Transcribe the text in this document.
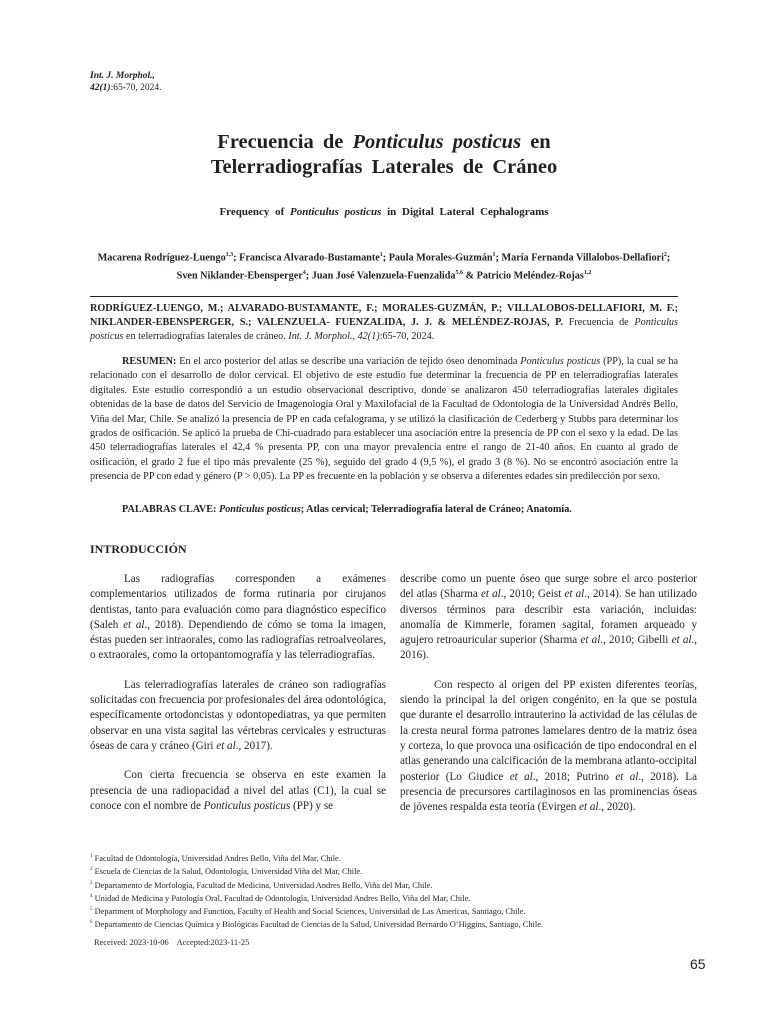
Int. J. Morphol.,
42(1):65-70, 2024.
Frecuencia de Ponticulus posticus en
Telerradiografías Laterales de Cráneo
Frequency of Ponticulus posticus in Digital Lateral Cephalograms
Macarena Rodríguez-Luengo$^{1,3}$; Francisca Alvarado-Bustamante$^1$; Paula Morales-Guzmán$^1$; María Fernanda Villalobos-Dellafiori$^2$; Sven Niklander-Ebensperger$^4$; Juan José Valenzuela-Fuenzalida$^{5,6}$ & Patricio Meléndez-Rojas$^{1,2}$
RODRÍGUEZ-LUENGO, M.; ALVARADO-BUSTAMANTE, F.; MORALES-GUZMÁN, P.; VILLALOBOS-DELLAFIORI, M. F.; NIKLANDER-EBENSPERGER, S.; VALENZUELA- FUENZALIDA, J. J. & MELÉNDEZ-ROJAS, P. Frecuencia de Ponticulus posticus en telerradiografías laterales de cráneo. Int. J. Morphol., 42(1):65-70, 2024.
RESUMEN: En el arco posterior del atlas se describe una variación de tejido óseo denominada Ponticulus posticus (PP), la cual se ha relacionado con el desarrollo de dolor cervical. El objetivo de este estudio fue determinar la frecuencia de PP en telerradiografías laterales digitales. Este estudio correspondió a un estudio observacional descriptivo, donde se analizaron 450 telerradiografías laterales digitales obtenidas de la base de datos del Servicio de Imagenología Oral y Maxilofacial de la Facultad de Odontología de la Universidad Andrés Bello, Viña del Mar, Chile. Se analizó la presencia de PP en cada cefalograma, y se utilizó la clasificación de Cederberg y Stubbs para determinar los grados de osificación. Se aplicó la prueba de Chi-cuadrado para establecer una asociación entre la presencia de PP con el sexo y la edad. De las 450 telerradiografías laterales el 42,4 % presenta PP, con una mayor prevalencia entre el rango de 21-40 años. En cuanto al grado de osificación, el grado 2 fue el tipo más prevalente (25 %), seguido del grado 4 (9,5 %), el grado 3 (8 %). No se encontró asociación entre la presencia de PP con edad y género (P > 0,05). La PP es frecuente en la población y se observa a diferentes edades sin predilección por sexo.
PALABRAS CLAVE: Ponticulus posticus; Atlas cervical; Telerradiografía lateral de Cráneo; Anatomía.
INTRODUCCIÓN

Las radiografías corresponden a exámenes complementarios utilizados de forma rutinaria por cirujanos dentistas, tanto para evaluación como para diagnóstico específico (Saleh et al., 2018). Dependiendo de cómo se toma la imagen, éstas pueden ser intraorales, como las radiografías retroalveolares, o extraorales, como la ortopantomografía y las telerradiografías.

Las telerradiografías laterales de cráneo son radiografías solicitadas con frecuencia por profesionales del área odontológica, específicamente ortodoncistas y odontopediatras, ya que permiten observar en una vista sagital las vértebras cervicales y estructuras óseas de cara y cráneo (Giri et al., 2017).

Con cierta frecuencia se observa en este examen la presencia de una radiopacidad a nivel del atlas (C1), la cual se conoce con el nombre de Ponticulus posticus (PP) y se

describe como un puente óseo que surge sobre el arco posterior del atlas (Sharma et al., 2010; Geist et al., 2014). Se han utilizado diversos términos para describir esta variación, incluidas: anomalía de Kimmerle, foramen sagital, foramen arqueado y agujero retroauricular superior (Sharma et al., 2010; Gibelli et al., 2016).

Con respecto al origen del PP existen diferentes teorías, siendo la principal la del origen congénito, en la que se postula que durante el desarrollo intrauterino la actividad de las células de la cresta neural forma patrones lamelares dentro de la matriz ósea y corteza, lo que provoca una osificación de tipo endocondral en el atlas generando una calcificación de la membrana atlanto-occipital posterior (Lo Giudice et al., 2018; Putrino et al., 2018). La presencia de precursores cartilaginosos en las prominencias óseas de jóvenes respalda esta teoría (Evirgen et al., 2020).

$^1$ Facultad de Odontología, Universidad Andres Bello, Viña del Mar, Chile.
$^2$ Escuela de Ciencias de la Salud, Odontología, Universidad Viña del Mar, Chile.
$^3$ Departamento de Morfología, Facultad de Medicina, Universidad Andres Bello, Viña del Mar, Chile.
$^4$ Unidad de Medicina y Patología Oral, Facultad de Odontología, Universidad Andres Bello, Viña del Mar, Chile.
$^5$ Department of Morphology and Function, Faculty of Health and Social Sciences, Universidad de Las Americas, Santiago, Chile.
$^6$ Departamento de Ciencias Química y Biológicas Facultad de Ciencias de la Salud, Universidad Bernardo O’Higgins, Santiago, Chile.
Received: 2023-10-06    Accepted:2023-11-25
65
